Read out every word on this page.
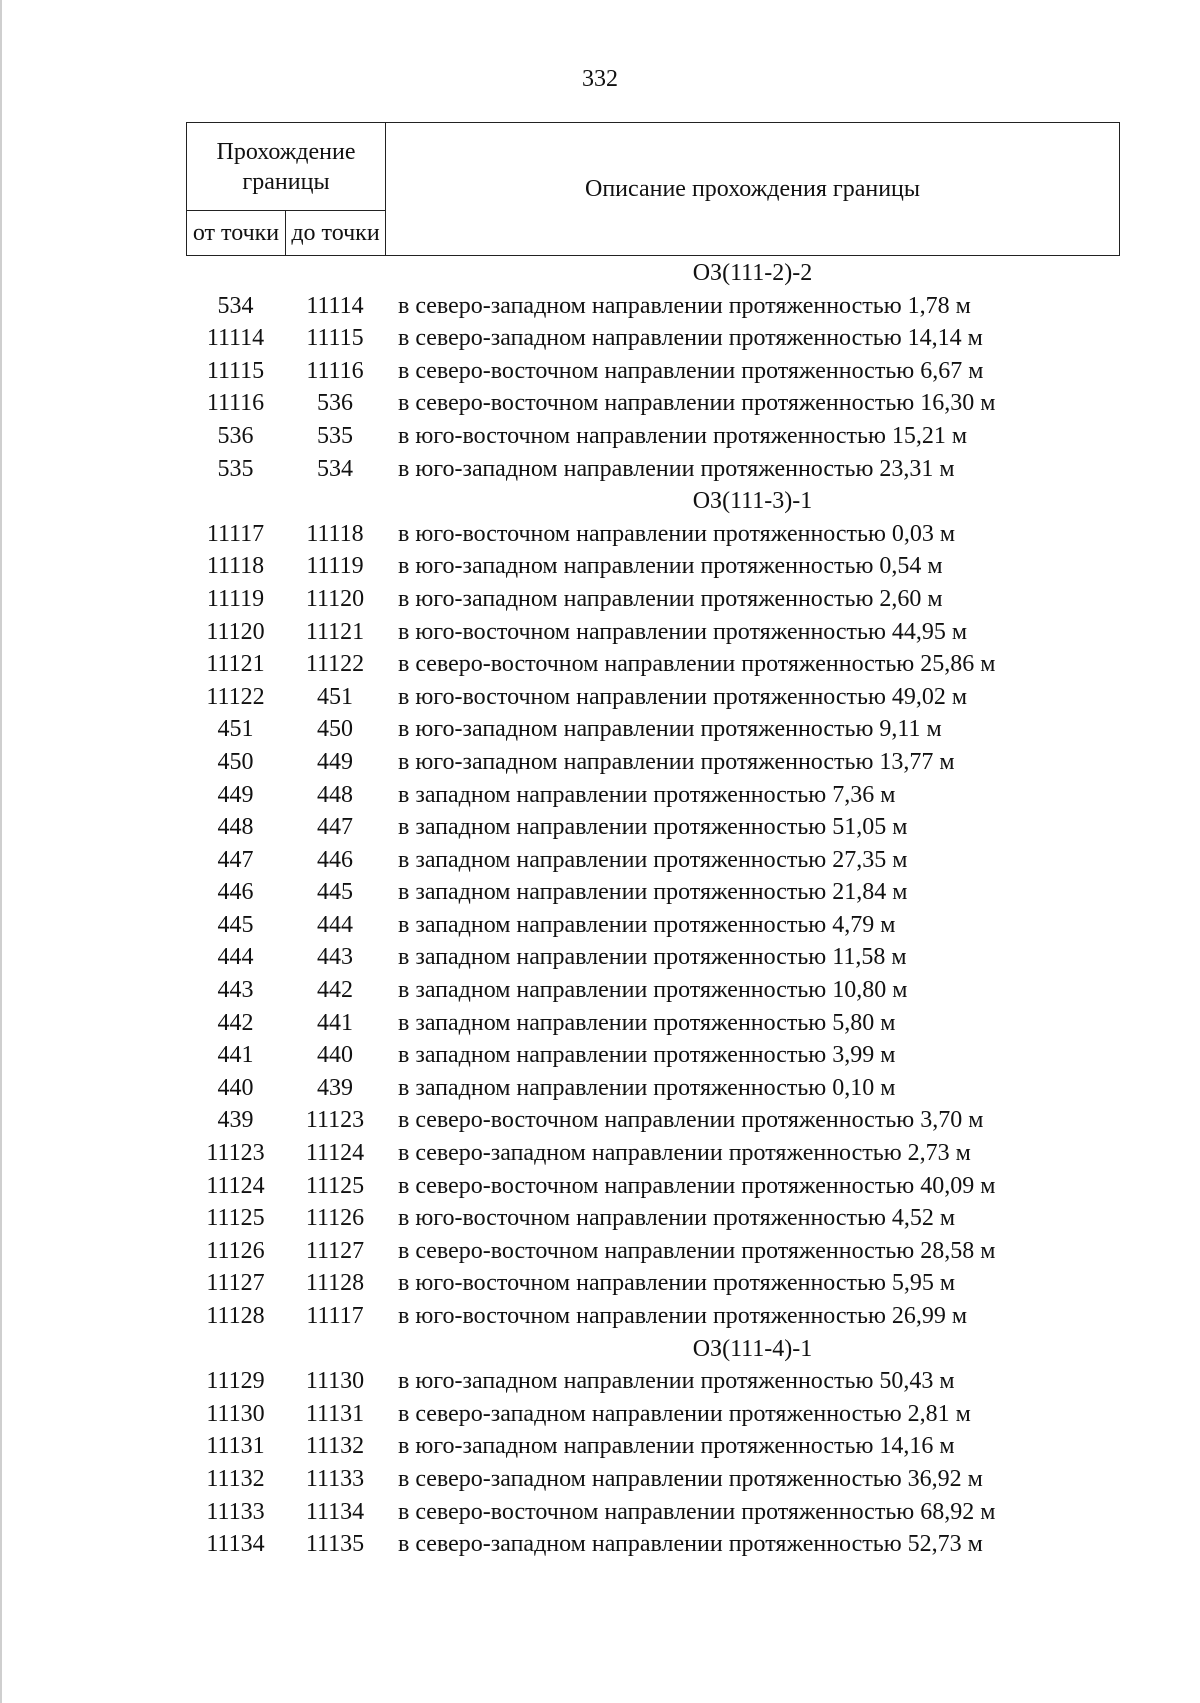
332
Прохождение границы		Описание прохождения границы
от точки	до точки	
ОЗ(111-2)-2
534	11114	в северо-западном направлении протяженностью 1,78 м
11114	11115	в северо-западном направлении протяженностью 14,14 м
11115	11116	в северо-восточном направлении протяженностью 6,67 м
11116	536	в северо-восточном направлении протяженностью 16,30 м
536	535	в юго-восточном направлении протяженностью 15,21 м
535	534	в юго-западном направлении протяженностью 23,31 м
ОЗ(111-3)-1
11117	11118	в юго-восточном направлении протяженностью 0,03 м
11118	11119	в юго-западном направлении протяженностью 0,54 м
11119	11120	в юго-западном направлении протяженностью 2,60 м
11120	11121	в юго-восточном направлении протяженностью 44,95 м
11121	11122	в северо-восточном направлении протяженностью 25,86 м
11122	451	в юго-восточном направлении протяженностью 49,02 м
451	450	в юго-западном направлении протяженностью 9,11 м
450	449	в юго-западном направлении протяженностью 13,77 м
449	448	в западном направлении протяженностью 7,36 м
448	447	в западном направлении протяженностью 51,05 м
447	446	в западном направлении протяженностью 27,35 м
446	445	в западном направлении протяженностью 21,84 м
445	444	в западном направлении протяженностью 4,79 м
444	443	в западном направлении протяженностью 11,58 м
443	442	в западном направлении протяженностью 10,80 м
442	441	в западном направлении протяженностью 5,80 м
441	440	в западном направлении протяженностью 3,99 м
440	439	в западном направлении протяженностью 0,10 м
439	11123	в северо-восточном направлении протяженностью 3,70 м
11123	11124	в северо-западном направлении протяженностью 2,73 м
11124	11125	в северо-восточном направлении протяженностью 40,09 м
11125	11126	в юго-восточном направлении протяженностью 4,52 м
11126	11127	в северо-восточном направлении протяженностью 28,58 м
11127	11128	в юго-восточном направлении протяженностью 5,95 м
11128	11117	в юго-восточном направлении протяженностью 26,99 м
ОЗ(111-4)-1
11129	11130	в юго-западном направлении протяженностью 50,43 м
11130	11131	в северо-западном направлении протяженностью 2,81 м
11131	11132	в юго-западном направлении протяженностью 14,16 м
11132	11133	в северо-западном направлении протяженностью 36,92 м
11133	11134	в северо-восточном направлении протяженностью 68,92 м
11134	11135	в северо-западном направлении протяженностью 52,73 м
